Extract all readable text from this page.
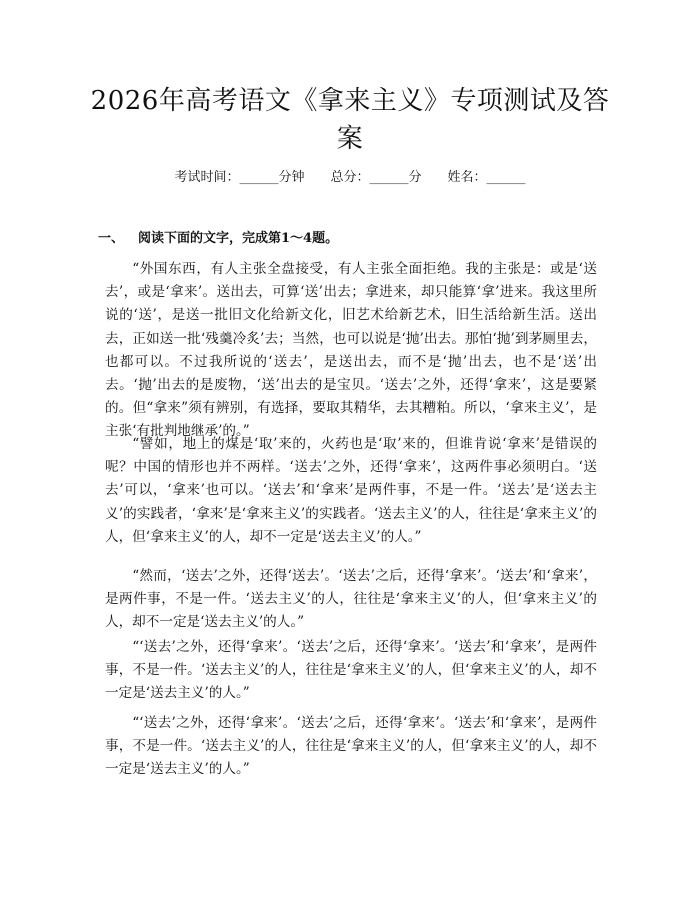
2026年高考语文《拿来主义》专项测试及答案
考试时间：______分钟 总分：______分 姓名：______
一、 阅读下面的文字，完成第1～4题。

“外国东西，有人主张全盘接受，有人主张全面拒绝。我的主张是：或是‘送去’，或是‘拿来’。送出去，可算‘送’出去；拿进来，却只能算‘拿’进来。我这里所说的‘送’，是送一批旧文化给新文化，旧艺术给新艺术，旧生活给新生活。送出去，正如送一批‘残羹冷炙’去；当然，也可以说是‘抛’出去。那怕‘抛’到茅厕里去，也都可以。不过我所说的‘送去’，是送出去，而不是‘抛’出去，也不是‘送’出去。‘抛’出去的是废物，‘送’出去的是宝贝。‘送去’之外，还得‘拿来’，这是要紧的。但“拿来”须有辨别，有选择，要取其精华，去其糟粕。所以，‘拿来主义’，是主张‘有批判地继承’的。”

“譬如，地上的煤是‘取’来的，火药也是‘取’来的，但谁肯说‘拿来’是错误的呢？中国的情形也并不两样。‘送去’之外，还得‘拿来’，这两件事必须明白。‘送去’可以，‘拿来’也可以。‘送去’和‘拿来’是两件事，不是一件。‘送去’是‘送去主义’的实践者，‘拿来’是‘拿来主义’的实践者。‘送去主义’的人，往往是‘拿来主义’的人，但‘拿来主义’的人，却不一定是‘送去主义’的人。”

“然而，‘送去’之外，还得‘送去’。‘送去’之后，还得‘拿来’。‘送去’和‘拿来’，是两件事，不是一件。‘送去主义’的人，往往是‘拿来主义’的人，但‘拿来主义’的人，却不一定是‘送去主义’的人。”

“‘送去’之外，还得‘拿来’。‘送去’之后，还得‘拿来’。‘送去’和‘拿来’，是两件事，不是一件。‘送去主义’的人，往往是‘拿来主义’的人，但‘拿来主义’的人，却不一定是‘送去主义’的人。”

“‘送去’之外，还得‘拿来’。‘送去’之后，还得‘拿来’。‘送去’和‘拿来’，是两件事，不是一件。‘送去主义’的人，往往是‘拿来主义’的人，但‘拿来主义’的人，却不一定是‘送去主义’的人。”
